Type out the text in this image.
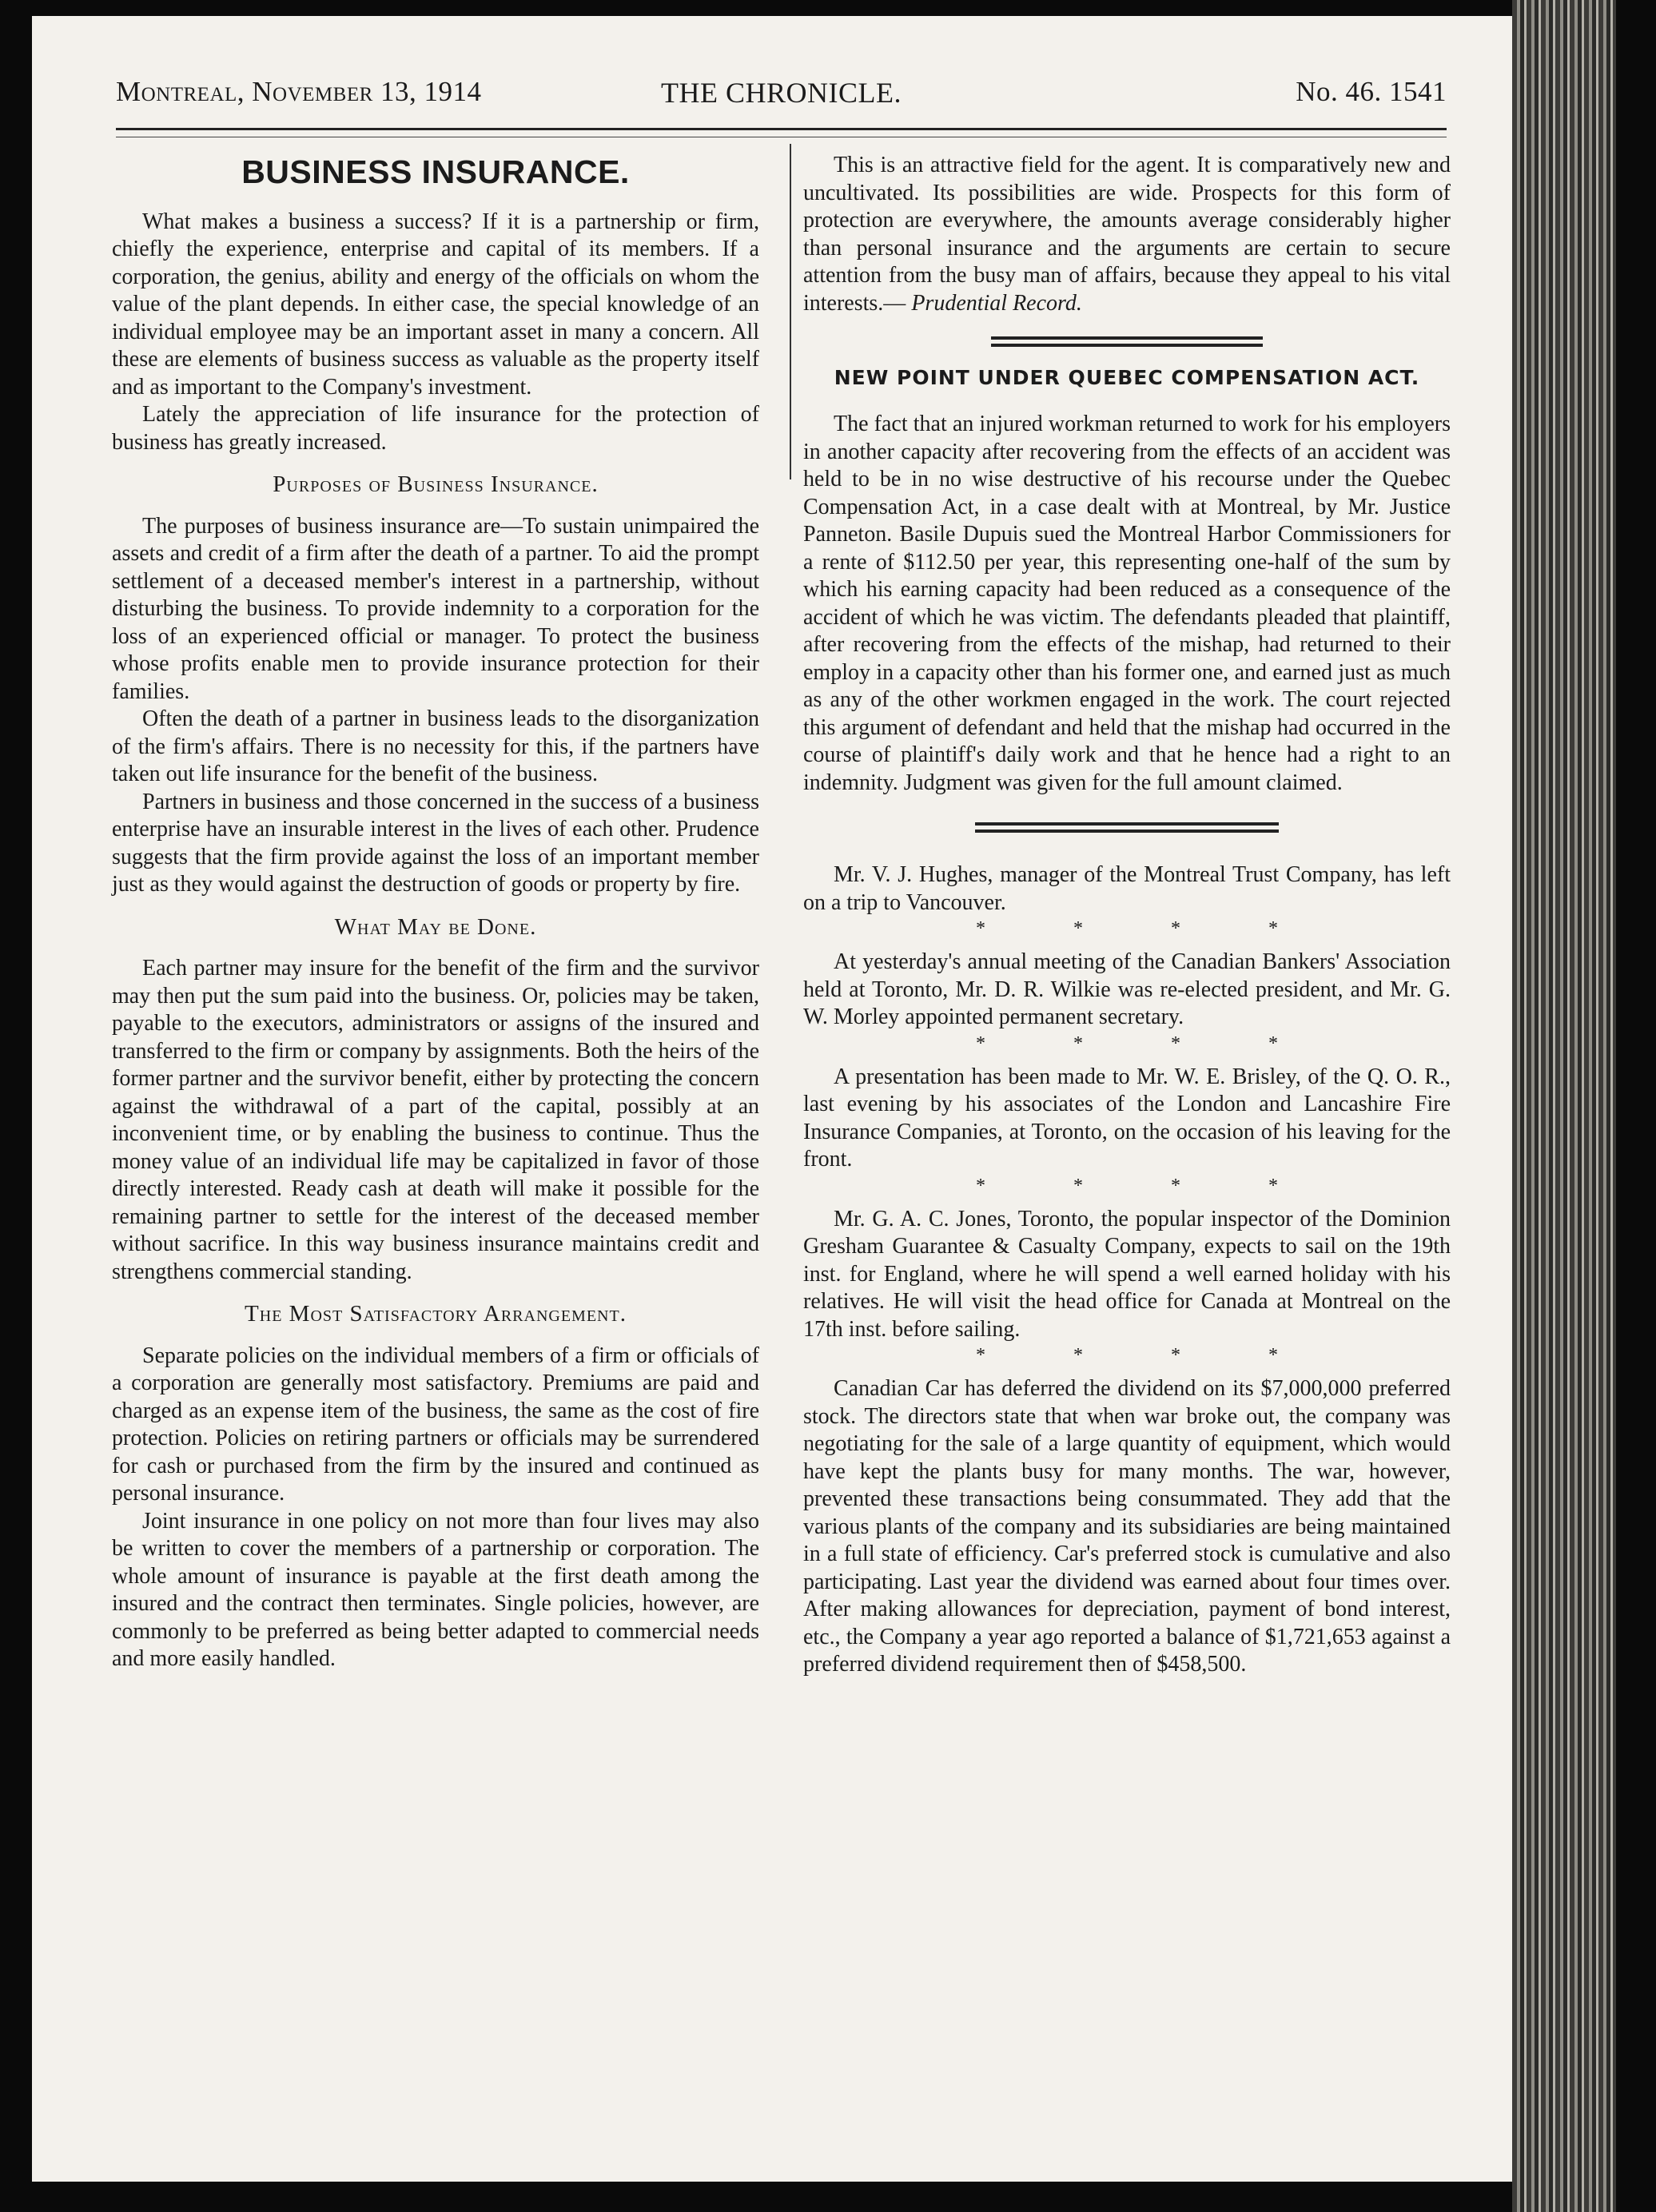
Montreal, November 13, 1914	THE CHRONICLE.	No. 46. 1541
BUSINESS INSURANCE.

What makes a business a success? If it is a partnership or firm, chiefly the experience, enterprise and capital of its members. If a corporation, the genius, ability and energy of the officials on whom the value of the plant depends. In either case, the special knowledge of an individual employee may be an important asset in many a concern. All these are elements of business success as valuable as the property itself and as important to the Company's investment.

Lately the appreciation of life insurance for the protection of business has greatly increased.

Purposes of Business Insurance.

The purposes of business insurance are—To sustain unimpaired the assets and credit of a firm after the death of a partner. To aid the prompt settlement of a deceased member's interest in a partnership, without disturbing the business. To provide indemnity to a corporation for the loss of an experienced official or manager. To protect the business whose profits enable men to provide insurance protection for their families.

Often the death of a partner in business leads to the disorganization of the firm's affairs. There is no necessity for this, if the partners have taken out life insurance for the benefit of the business.

Partners in business and those concerned in the success of a business enterprise have an insurable interest in the lives of each other. Prudence suggests that the firm provide against the loss of an important member just as they would against the destruction of goods or property by fire.

What May be Done.

Each partner may insure for the benefit of the firm and the survivor may then put the sum paid into the business. Or, policies may be taken, payable to the executors, administrators or assigns of the insured and transferred to the firm or company by assignments. Both the heirs of the former partner and the survivor benefit, either by protecting the concern against the withdrawal of a part of the capital, possibly at an inconvenient time, or by enabling the business to continue. Thus the money value of an individual life may be capitalized in favor of those directly interested. Ready cash at death will make it possible for the remaining partner to settle for the interest of the deceased member without sacrifice. In this way business insurance maintains credit and strengthens commercial standing.

The Most Satisfactory Arrangement.

Separate policies on the individual members of a firm or officials of a corporation are generally most satisfactory. Premiums are paid and charged as an expense item of the business, the same as the cost of fire protection. Policies on retiring partners or officials may be surrendered for cash or purchased from the firm by the insured and continued as personal insurance.

Joint insurance in one policy on not more than four lives may also be written to cover the members of a partnership or corporation. The whole amount of insurance is payable at the first death among the insured and the contract then terminates. Single policies, however, are commonly to be preferred as being better adapted to commercial needs and more easily handled.

This is an attractive field for the agent. It is comparatively new and uncultivated. Its possibilities are wide. Prospects for this form of protection are everywhere, the amounts average considerably higher than personal insurance and the arguments are certain to secure attention from the busy man of affairs, because they appeal to his vital interests.— Prudential Record.

NEW POINT UNDER QUEBEC COMPENSATION ACT.

The fact that an injured workman returned to work for his employers in another capacity after recovering from the effects of an accident was held to be in no wise destructive of his recourse under the Quebec Compensation Act, in a case dealt with at Montreal, by Mr. Justice Panneton. Basile Dupuis sued the Montreal Harbor Commissioners for a rente of $112.50 per year, this representing one-half of the sum by which his earning capacity had been reduced as a consequence of the accident of which he was victim. The defendants pleaded that plaintiff, after recovering from the effects of the mishap, had returned to their employ in a capacity other than his former one, and earned just as much as any of the other workmen engaged in the work. The court rejected this argument of defendant and held that the mishap had occurred in the course of plaintiff's daily work and that he hence had a right to an indemnity. Judgment was given for the full amount claimed.

Mr. V. J. Hughes, manager of the Montreal Trust Company, has left on a trip to Vancouver.

* * * *

At yesterday's annual meeting of the Canadian Bankers' Association held at Toronto, Mr. D. R. Wilkie was re-elected president, and Mr. G. W. Morley appointed permanent secretary.

* * * *

A presentation has been made to Mr. W. E. Brisley, of the Q. O. R., last evening by his associates of the London and Lancashire Fire Insurance Companies, at Toronto, on the occasion of his leaving for the front.

* * * *

Mr. G. A. C. Jones, Toronto, the popular inspector of the Dominion Gresham Guarantee & Casualty Company, expects to sail on the 19th inst. for England, where he will spend a well earned holiday with his relatives. He will visit the head office for Canada at Montreal on the 17th inst. before sailing.

* * * *

Canadian Car has deferred the dividend on its $7,000,000 preferred stock. The directors state that when war broke out, the company was negotiating for the sale of a large quantity of equipment, which would have kept the plants busy for many months. The war, however, prevented these transactions being consummated. They add that the various plants of the company and its subsidiaries are being maintained in a full state of efficiency. Car's preferred stock is cumulative and also participating. Last year the dividend was earned about four times over. After making allowances for depreciation, payment of bond interest, etc., the Company a year ago reported a balance of $1,721,653 against a preferred dividend requirement then of $458,500.
